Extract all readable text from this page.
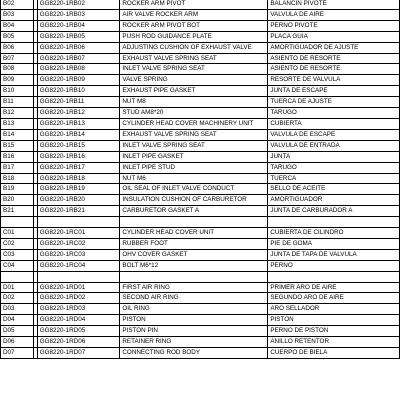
B02		GG8220-1RB02	ROCKER ARM PIVOT	BALANCIN PIVOTE
B03		GG8220-1RB03	AIR VALVE ROCKER ARM	VALVULA DE AIRE
B04		GG8220-1RB04	ROCKER ARM PIVOT BOT	PERNO PIVOTE
B05		GG8220-1RB05	PUSH ROD GUIDANCE PLATE	PLACA GUIA
B06		GG8220-1RB06	ADJUSTING CUSHION OF EXHAUST VALVE	AMORTIGUADOR DE AJUSTE
B07		GG8220-1RB07	EXHAUST VALVE SPRING SEAT	ASIENTO DE RESORTE
B08		GG8220-1RB08	INLET VALVE SPRING SEAT	ASIENTO DE RESORTE
B09		GG8220-1RB09	VALVE SPRING	RESORTE DE VALVULA
B10		GG8220-1RB10	EXHAUST PIPE GASKET	JUNTA DE ESCAPE
B11		GG8220-1RB11	NUT M8	TUERCA DE AJUSTE
B12		GG8220-1RB12	STUD AM8*20	TARUGO
B13		GG8220-1RB13	CYLINDER HEAD COVER MACHINERY UNIT	CUBIERTA
B14		GG8220-1RB14	EXHAUST VALVE SPRING SEAT	VALVULA DE ESCAPE
B15		GG8220-1RB15	INLET VALVE SPRING SEAT	VALVULA DE ENTRADA
B16		GG8220-1RB16	INLET PIPE GASKET	JUNTA
B17		GG8220-1RB17	INLET PIPE STUD	TARUGO
B18		GG8220-1RB18	NUT M6	TUERCA
B19		GG8220-1RB19	OIL SEAL OF INLET VALVE CONDUCT	SELLO DE ACEITE
B20		GG8220-1RB20	INSULATION CUSHION OF CARBURETOR	AMORTIGUADOR
B21		GG8220-1RB21	CARBURETOR GASKET A	JUNTA DE CARBURADOR A

C01		GG8220-1RC01	CYLINDER HEAD COVER UNIT	CUBIERTA DE CILINDRO
C02		GG8220-1RC02	RUBBER FOOT	PIE DE GOMA
C03		GG8220-1RC03	OHV COVER GASKET	JUNTA DE TAPA DE VALVULA
C04		GG8220-1RC04	BOLT M6*12	PERNO

D01		GG8220-1RD01	FIRST AIR RING	PRIMER ARO DE AIRE
D02		GG8220-1RD02	SECOND AIR RING	SEGUNDO ARO DE AIRE
D03		GG8220-1RD03	OIL RING	ARO SELLADOR
D04		GG8220-1RD04	PISTON	PISTON
D05		GG8220-1RD05	PISTON PIN	PERNO DE PISTON
D06		GG8220-1RD06	RETAINER RING	ANILLO RETENTOR
D07		GG8220-1RD07	CONNECTING ROD BODY	CUERPO DE BIELA
